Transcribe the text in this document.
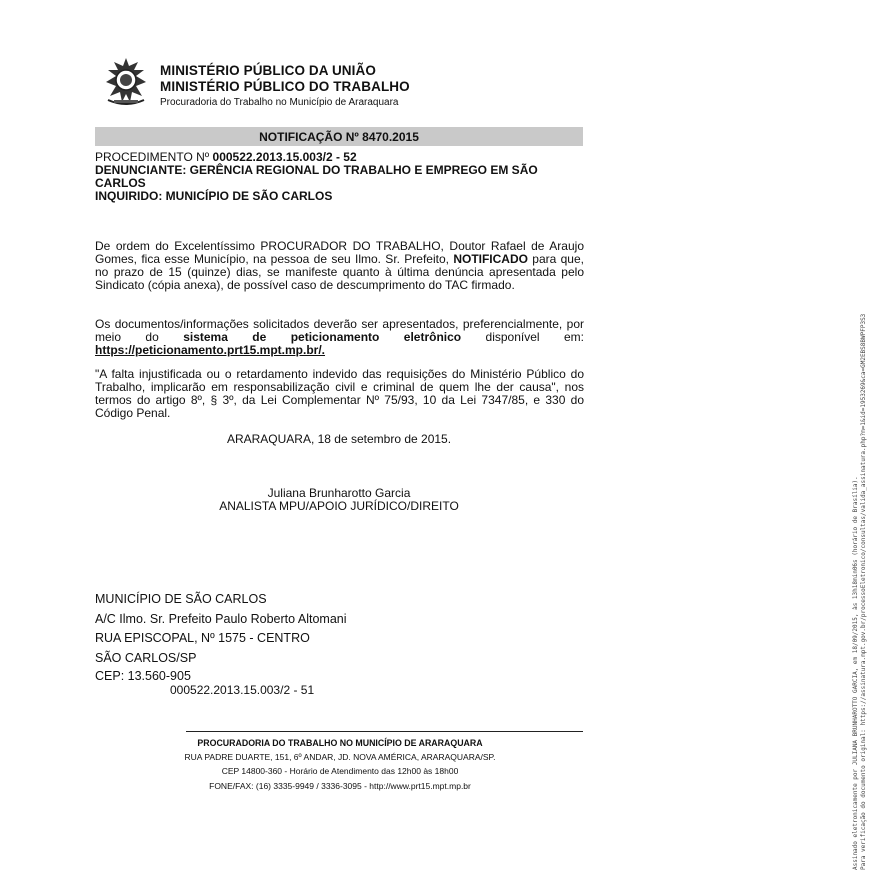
MINISTÉRIO PÚBLICO DA UNIÃO
MINISTÉRIO PÚBLICO DO TRABALHO
Procuradoria do Trabalho no Município de Araraquara
NOTIFICAÇÃO Nº 8470.2015
PROCEDIMENTO Nº 000522.2013.15.003/2 - 52
DENUNCIANTE: GERÊNCIA REGIONAL DO TRABALHO E EMPREGO EM SÃO CARLOS
INQUIRIDO: MUNICÍPIO DE SÃO CARLOS
De ordem do Excelentíssimo PROCURADOR DO TRABALHO, Doutor Rafael de Araujo Gomes, fica esse Município, na pessoa de seu Ilmo. Sr. Prefeito, NOTIFICADO para que, no prazo de 15 (quinze) dias, se manifeste quanto à última denúncia apresentada pelo Sindicato (cópia anexa), de possível caso de descumprimento do TAC firmado.
Os documentos/informações solicitados deverão ser apresentados, preferencialmente, por meio do sistema de peticionamento eletrônico disponível em: https://peticionamento.prt15.mpt.mp.br/.
"A falta injustificada ou o retardamento indevido das requisições do Ministério Público do Trabalho, implicarão em responsabilização civil e criminal de quem lhe der causa", nos termos do artigo 8º, § 3º, da Lei Complementar Nº 75/93, 10 da Lei 7347/85, e 330 do Código Penal.
ARARAQUARA, 18 de setembro de 2015.
Juliana Brunharotto Garcia
ANALISTA MPU/APOIO JURÍDICO/DIREITO
MUNICÍPIO DE SÃO CARLOS
A/C Ilmo. Sr. Prefeito Paulo Roberto Altomani
RUA EPISCOPAL, Nº 1575 - CENTRO
SÃO CARLOS/SP
CEP: 13.560-905
000522.2013.15.003/2 - 51
PROCURADORIA DO TRABALHO NO MUNICÍPIO DE ARARAQUARA
RUA PADRE DUARTE, 151, 6º ANDAR, JD. NOVA AMÉRICA, ARARAQUARA/SP.
CEP 14800-360 - Horário de Atendimento das 12h00 às 18h00
FONE/FAX: (16) 3335-9949 / 3336-3095 - http://www.prt15.mpt.mp.br	Assinado eletronicamente por JULIANA BRUNHAROTTO GARCIA, em 18/09/2015, às 13h18min06s (horário de Brasília). Para verificação do documento original: https://assinatura.mpt.gov.br/processoEletronico/consultas/valida_assinatura.php?m=1&id=1953269&ca=GM2EBS8BWPFP3S3
